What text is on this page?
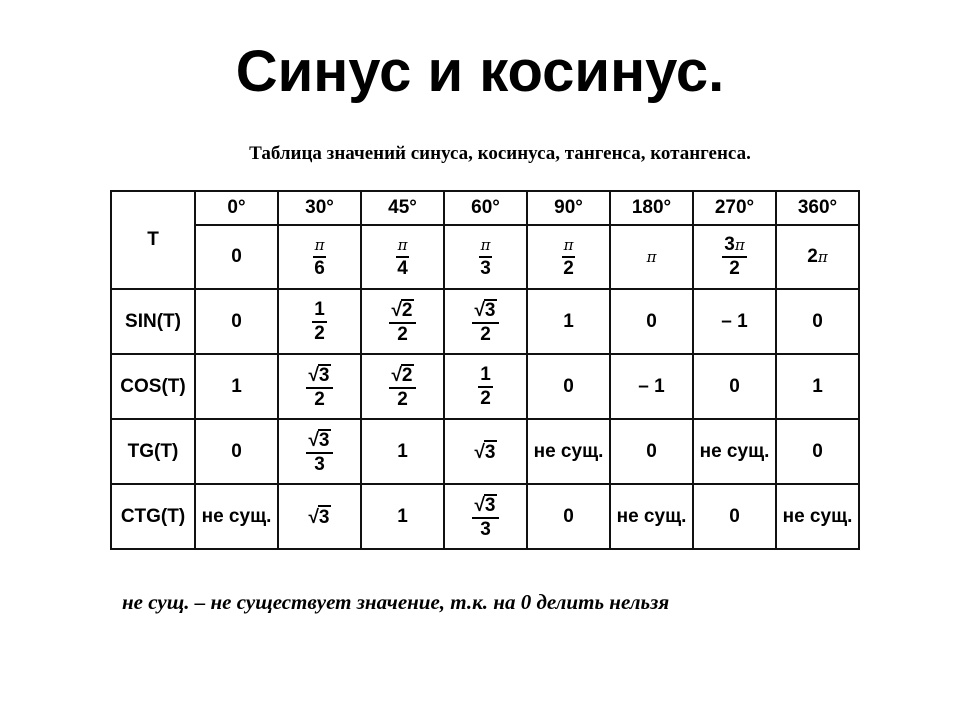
Синус и косинус.
Таблица значений синуса, косинуса, тангенса, котангенса.
T	0°	30°	45°	60°	90°	180°	270°	360°
	0	$\frac{\pi}{6}$	$\frac{\pi}{4}$	$\frac{\pi}{3}$	$\frac{\pi}{2}$	π	$\frac{3\pi}{2}$	2π
SIN(T)	0	$\frac{1}{2}$	$\frac{√ 2}{2}$	$\frac{√ 3}{2}$	1	0	– 1	0
COS(T)	1	$\frac{√ 3}{2}$	$\frac{√ 2}{2}$	$\frac{1}{2}$	0	– 1	0	1
TG(T)	0	$\frac{√ 3}{3}$	1	√ 3	не сущ.	0	не сущ.	0
CTG(T)	не сущ.	√ 3	1	$\frac{√ 3}{3}$	0	не сущ.	0	не сущ.
не сущ. – не существует значение, т.к. на 0 делить нельзя
